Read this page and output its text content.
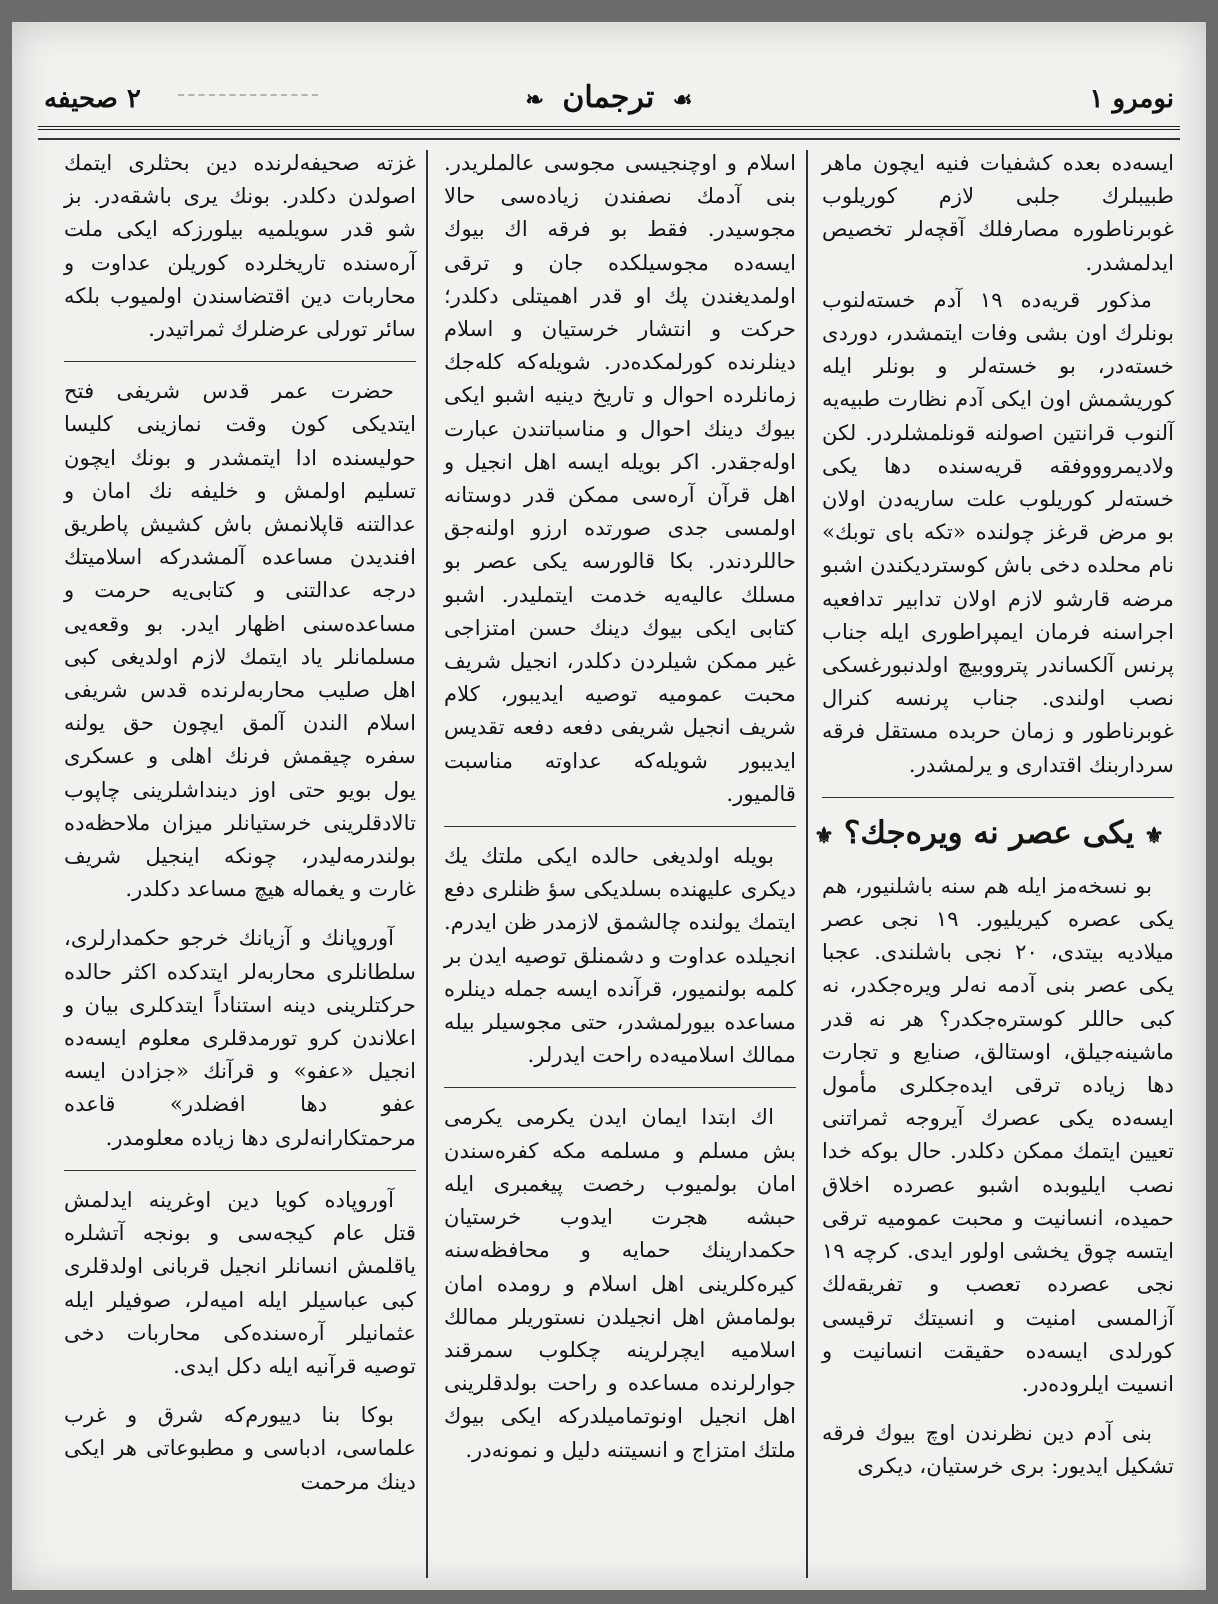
نومرو ۱
☙ ترجمان ❧
۲ صحیفه

ایسه‌ده بعده کشفیات فنیه ایچون ماهر طبیبلرك جلبی لازم کوریلوب غوبرناطوره مصارفلك آقچه‌لر تخصیص ایدلمشدر.

مذکور قریه‌ده ۱۹ آدم خسته‌لنوب بونلرك اون بشی وفات ایتمشدر، دوردی خسته‌در، بو خسته‌لر و بونلر ایله کوریشمش اون ایکی آدم نظارت طبیه‌یه آلنوب قرانتین اصولنه قونلمشلردر. لکن ولادیمروووفقه قریه‌سنده دها یکی خسته‌لر کوریلوب علت ساریه‌دن اولان بو مرض قرغز چولنده «تکه بای توبك» نام محلده دخی باش کوستردیکندن اشبو مرضه قارشو لازم اولان تدابیر تدافعیه اجراسنه فرمان ایمپراطوری ایله جناب پرنس آلکساندر پترووبیچ اولدنبورغسکی نصب اولندی. جناب پرنسه کنرال غوبرناطور و زمان حربده مستقل فرقه سرداربنك اقتداری و یرلمشدر.

⚜یکی عصر نه ویره‌جك؟⚜

بو نسخه‌مز ایله هم سنه باشلنیور، هم یکی عصره کیریلیور. ۱۹ نجی عصر میلادیه بیتدی، ۲۰ نجی باشلندی. عجبا یکی عصر بنی آدمه نه‌لر ویره‌جکدر، نه کبی حاللر کوستره‌جکدر؟ هر نه قدر ماشینه‌جیلق، اوستالق، صنایع و تجارت دها زیاده ترقی ایده‌جکلری مأمول ایسه‌ده یکی عصرك آیروجه ثمراتنی تعیین ایتمك ممکن دکلدر. حال بوکه خدا نصب ایلیوبده اشبو عصرده اخلاق حمیده، انسانیت و محبت عمومیه ترقی ایتسه چوق یخشی اولور ایدی. کرچه ۱۹ نجی عصرده تعصب و تفریقه‌لك آزالمسی امنیت و انسیتك ترقیسی کورلدی ایسه‌ده حقیقت انسانیت و انسیت ایلروده‌در.

بنی آدم دین نظرندن اوچ بیوك فرقه تشکیل ایدیور: بری خرستیان، دیکری

اسلام و اوچنجیسی مجوسی عالملریدر. بنی آدمك نصفندن زیاده‌سی حالا مجوسیدر. فقط بو فرقه اك بیوك ایسه‌ده مجوسیلکده جان و ترقی اولمدیغندن پك او قدر اهمیتلی دکلدر؛ حرکت و انتشار خرستیان و اسلام دینلرنده کورلمکده‌در. شویله‌که کله‌جك زمانلرده احوال و تاریخ دینیه اشبو ایکی بیوك دینك احوال و مناسباتندن عبارت اوله‌جقدر. اکر بویله ایسه اهل انجیل و اهل قرآن آره‌سی ممکن قدر دوستانه اولمسی جدی صورتده ارزو اولنه‌جق حاللردندر. بکا قالورسه یکی عصر بو مسلك عالیه‌یه خدمت ایتملیدر. اشبو کتابی ایکی بیوك دینك حسن امتزاجی غیر ممکن شیلردن دکلدر، انجیل شریف محبت عمومیه توصیه ایدیبور، کلام شریف انجیل شریفی دفعه دفعه تقدیس ایدیبور شویله‌که عداوته مناسبت قالمیور.

بویله اولدیغی حالده ایکی ملتك یك دیکری علیهنده بسلدیکی سؤ ظنلری دفع ایتمك یولنده چالشمق لازمدر ظن ایدرم. انجیلده عداوت و دشمنلق توصیه ایدن بر کلمه بولنمیور، قرآنده ایسه جمله دینلره مساعده بیورلمشدر، حتی مجوسیلر بیله ممالك اسلامیه‌ده راحت ایدرلر.

اك ابتدا ایمان ایدن یکرمی یکرمی بش مسلم و مسلمه مکه کفره‌سندن امان بولمیوب رخصت پیغمبری ایله حبشه هجرت ایدوب خرستیان حکمدارینك حمایه و محافظه‌سنه کیره‌کلرینی اهل اسلام و رومده امان بولمامش اهل انجیلدن نستوریلر ممالك اسلامیه ایچرلرینه چکلوب سمرقند جوارلرنده مساعده و راحت بولدقلرینی اهل انجیل اونوتمامیلدرکه ایکی بیوك ملتك امتزاج و انسیتنه دلیل و نمونه‌در.

غزته صحیفه‌لرنده دین بحثلری ایتمك اصولدن دکلدر. بونك یری باشقه‌در. بز شو قدر سویلمیه بیلورزکه ایکی ملت آره‌سنده تاریخلرده کوریلن عداوت و محاربات دین اقتضاسندن اولمیوب بلکه سائر تورلی عرضلرك ثمراتیدر.

حضرت عمر قدس شریفی فتح ایتدیکی کون وقت نمازینی کلیسا حولیسنده ادا ایتمشدر و بونك ایچون تسلیم اولمش و خلیفه نك امان و عدالتنه قاپلانمش باش کشیش پاطریق افندیدن مساعده آلمشدرکه اسلامیتك درجه عدالتنی و کتابی‌یه حرمت و مساعده‌سنی اظهار ایدر. بو وقعه‌یی مسلمانلر یاد ایتمك لازم اولدیغی کبی اهل صلیب محاربه‌لرنده قدس شریفی اسلام الندن آلمق ایچون حق یولنه سفره چیقمش فرنك اهلی و عسکری یول بویو حتی اوز دینداشلرینی چاپوب تالادقلرینی خرستیانلر میزان ملاحظه‌ده بولندرمه‌لیدر، چونکه اینجیل شریف غارت و یغماله هیچ مساعد دکلدر.

آوروپانك و آزیانك خرجو حکمدارلری، سلطانلری محاربه‌لر ایتدکده اکثر حالده حرکتلرینی دینه استناداً ایتدکلری بیان و اعلاندن کرو تورمدقلری معلوم ایسه‌ده انجیل «عفو» و قرآنك «جزادن ایسه عفو دها افضلدر» قاعده مرحمتکارانه‌لری دها زیاده معلومدر.

آوروپاده کویا دین اوغرینه ایدلمش قتل عام کیجه‌سی و بونجه آتشلره یاقلمش انسانلر انجیل قربانی اولدقلری کبی عباسیلر ایله امیه‌لر، صوفیلر ایله عثمانیلر آره‌سنده‌کی محاربات دخی توصیه قرآنیه ایله دکل ایدی.

بوکا بنا دییورم‌که شرق و غرب علماسی، ادباسی و مطبوعاتی هر ایکی دینك مرحمت
